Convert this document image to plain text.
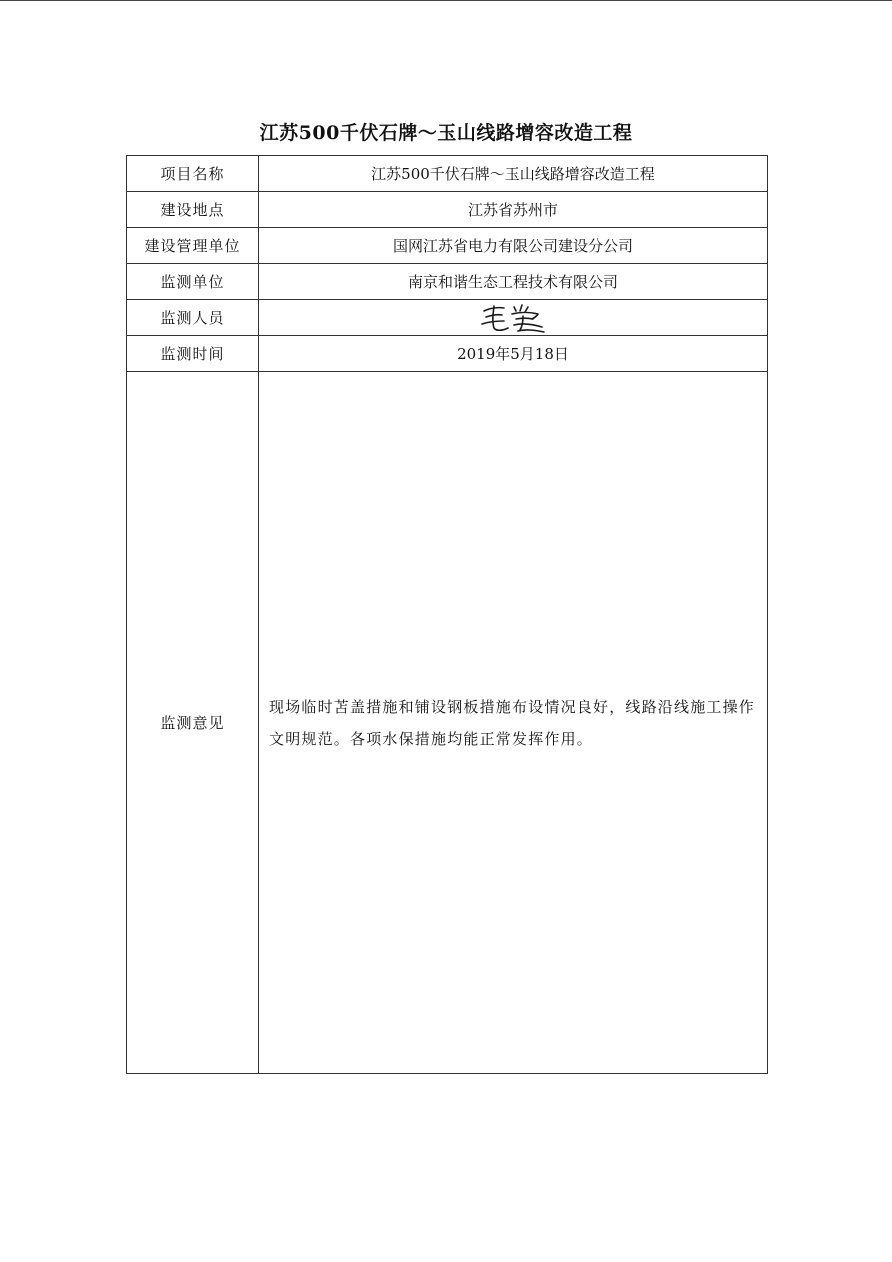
江苏500千伏石牌～玉山线路增容改造工程
项目名称	江苏500千伏石牌～玉山线路增容改造工程
建设地点	江苏省苏州市
建设管理单位	国网江苏省电力有限公司建设分公司
监测单位	南京和谐生态工程技术有限公司
监测人员	
监测时间	2019年5月18日
监测意见	现场临时苫盖措施和铺设钢板措施布设情况良好，线路沿线施工操作文明规范。各项水保措施均能正常发挥作用。
